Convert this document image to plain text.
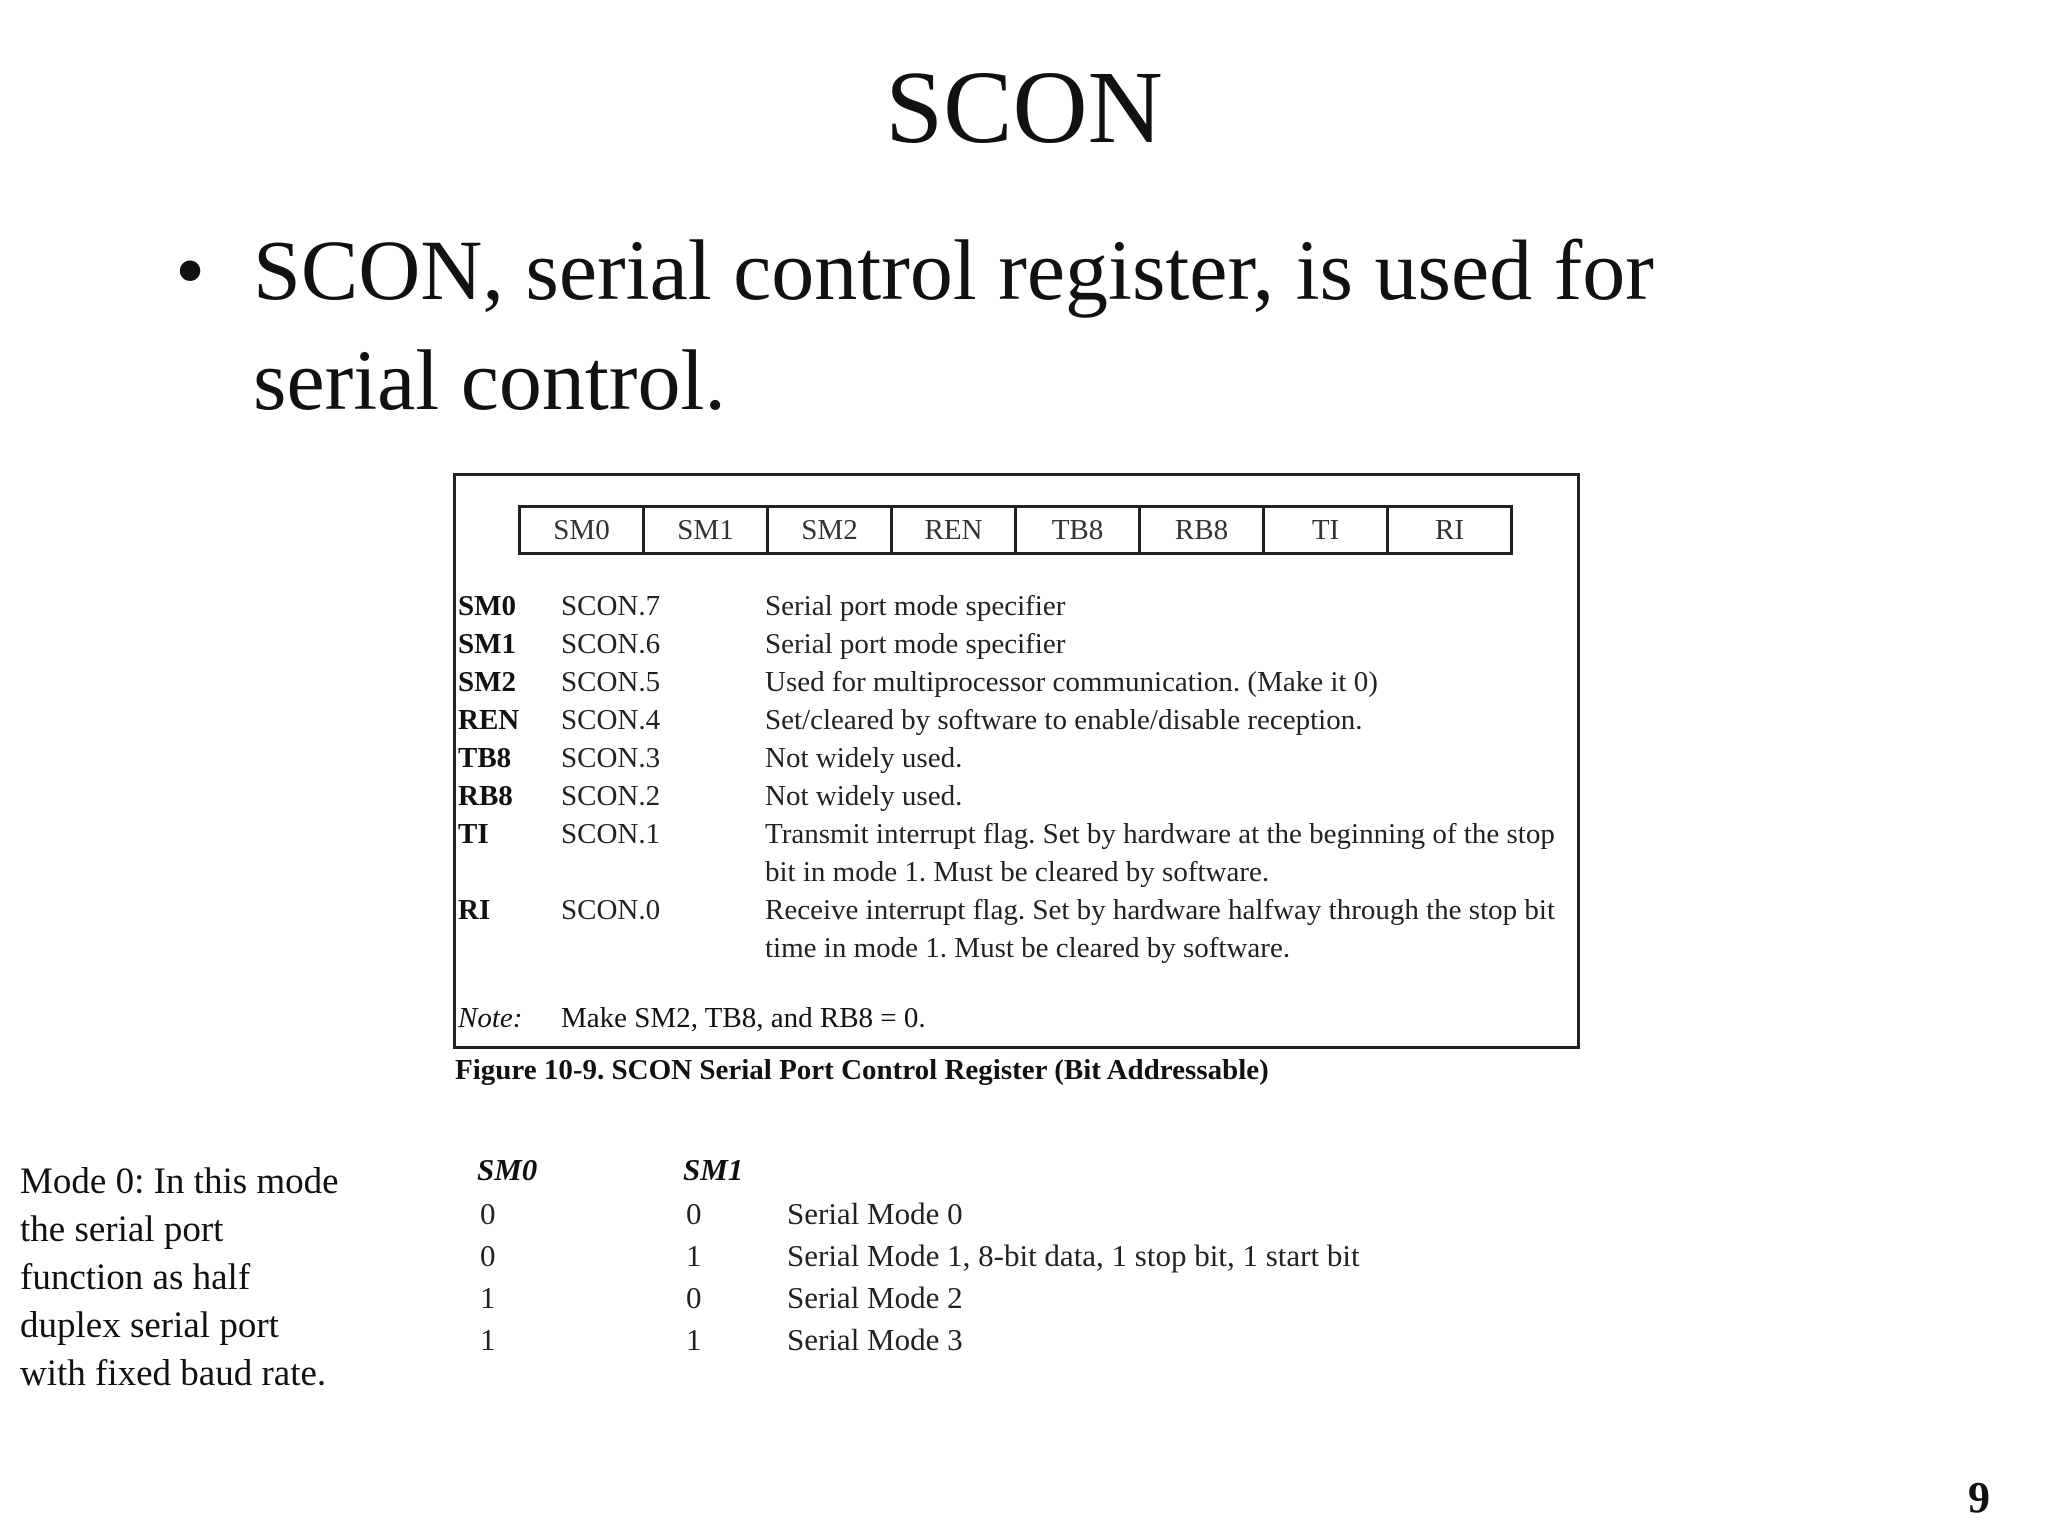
SCON
• SCON, serial control register, is used for serial control.
SM0	SM1	SM2	REN	TB8	RB8	TI	RI
SM0 SCON.7	Serial port mode specifier
SM1 SCON.6	Serial port mode specifier
SM2 SCON.5	Used for multiprocessor communication. (Make it 0)
REN SCON.4	Set/cleared by software to enable/disable reception.
TB8 SCON.3	Not widely used.
RB8 SCON.2	Not widely used.
TI SCON.1	Transmit interrupt flag. Set by hardware at the beginning of the stop bit in mode 1. Must be cleared by software.
RI SCON.0	Receive interrupt flag. Set by hardware halfway through the stop bit time in mode 1. Must be cleared by software.
Note: Make SM2, TB8, and RB8 = 0.
Figure 10-9. SCON Serial Port Control Register (Bit Addressable)
SM0	SM1
0	0	Serial Mode 0
0	1	Serial Mode 1, 8-bit data, 1 stop bit, 1 start bit
1	0	Serial Mode 2
1	1	Serial Mode 3
Mode 0: In this mode the serial port function as half duplex serial port with fixed baud rate.
9
